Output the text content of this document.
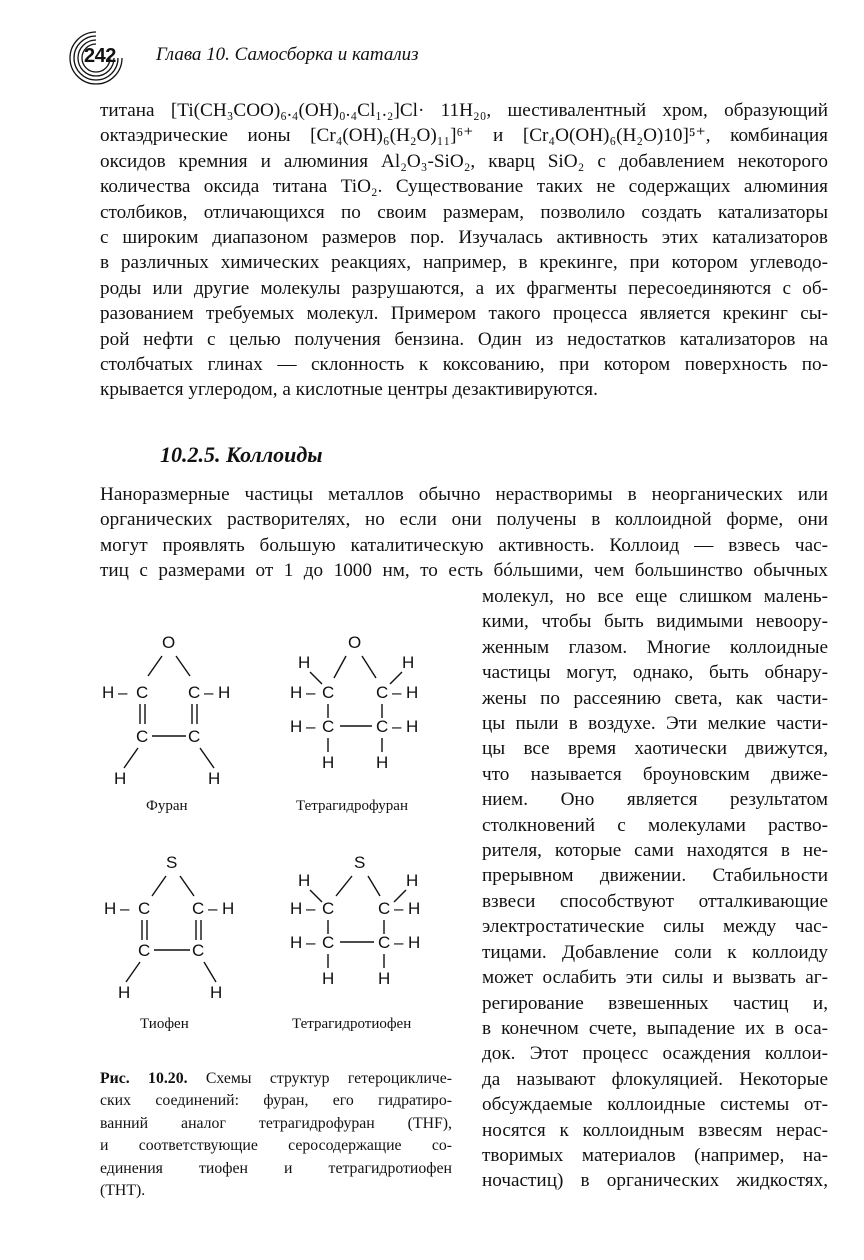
242 Глава 10. Самосборка и катализ
титана [Ti(CH₃COO)₆.₄(OH)₀.₄Cl₁.₂]Cl· 11H₂₀, шестивалентный хром, образующий
октаэдрические ионы [Cr₄(OH)₆(H₂O)₁₁]⁶⁺ и [Cr₄O(OH)₆(H₂O)10]⁵⁺, комбинация
оксидов кремния и алюминия Al₂O₃-SiO₂, кварц SiO₂ с добавлением некоторого
количества оксида титана TiO₂. Существование таких не содержащих алюминия
столбиков, отличающихся по своим размерам, позволило создать катализаторы
с широким диапазоном размеров пор. Изучалась активность этих катализаторов
в различных химических реакциях, например, в крекинге, при котором углеводо-
роды или другие молекулы разрушаются, а их фрагменты пересоединяются с об-
разованием требуемых молекул. Примером такого процесса является крекинг сы-
рой нефти с целью получения бензина. Один из недостатков катализаторов на
столбчатых глинах — склонность к коксованию, при котором поверхность по-
крывается углеродом, а кислотные центры дезактивируются.
10.2.5. Коллоиды
Наноразмерные частицы металлов обычно нерастворимы в неорганических или
органических растворителях, но если они получены в коллоидной форме, они
могут проявлять большую каталитическую активность. Коллоид — взвесь час-
тиц с размерами от 1 до 1000 нм, то есть бóльшими, чем большинство обычных
молекул, но все еще слишком малень-
кими, чтобы быть видимыми невоору-
женным глазом. Многие коллоидные
частицы могут, однако, быть обнару-
жены по рассеянию света, как части-
цы пыли в воздухе. Эти мелкие части-
цы все время хаотически движутся,
что называется броуновским движе-
нием. Оно является результатом
столкновений с молекулами раство-
рителя, которые сами находятся в не-
прерывном движении. Стабильности
взвеси способствуют отталкивающие
электростатические силы между час-
тицами. Добавление соли к коллоиду
может ослабить эти силы и вызвать аг-
регирование взвешенных частиц и,
в конечном счете, выпадение их в оса-
док. Этот процесс осаждения коллои-
да называют флокуляцией. Некоторые
обсуждаемые коллоидные системы от-
носятся к коллоидным взвесям нерас-
творимых материалов (например, на-
ночастиц) в органических жидкостях,
O
H – C C – H
C C
H	H
Фуран
O
H	H
H – C C – H
H – C C – H
H H
Тетрагидрофуран
S
H – C C – H
C C
H	H
Тиофен
S
H	H
H – C	C – H
H – C	C – H
H	H
Тетрагидротиофен
Рис. 10.20. Схемы структур гетероцикличе-
ских соединений: фуран, его гидратиро-
ванний аналог тетрагидрофуран (THF),
и соответствующие серосодержащие со-
единения тиофен и тетрагидротиофен
(THT).
